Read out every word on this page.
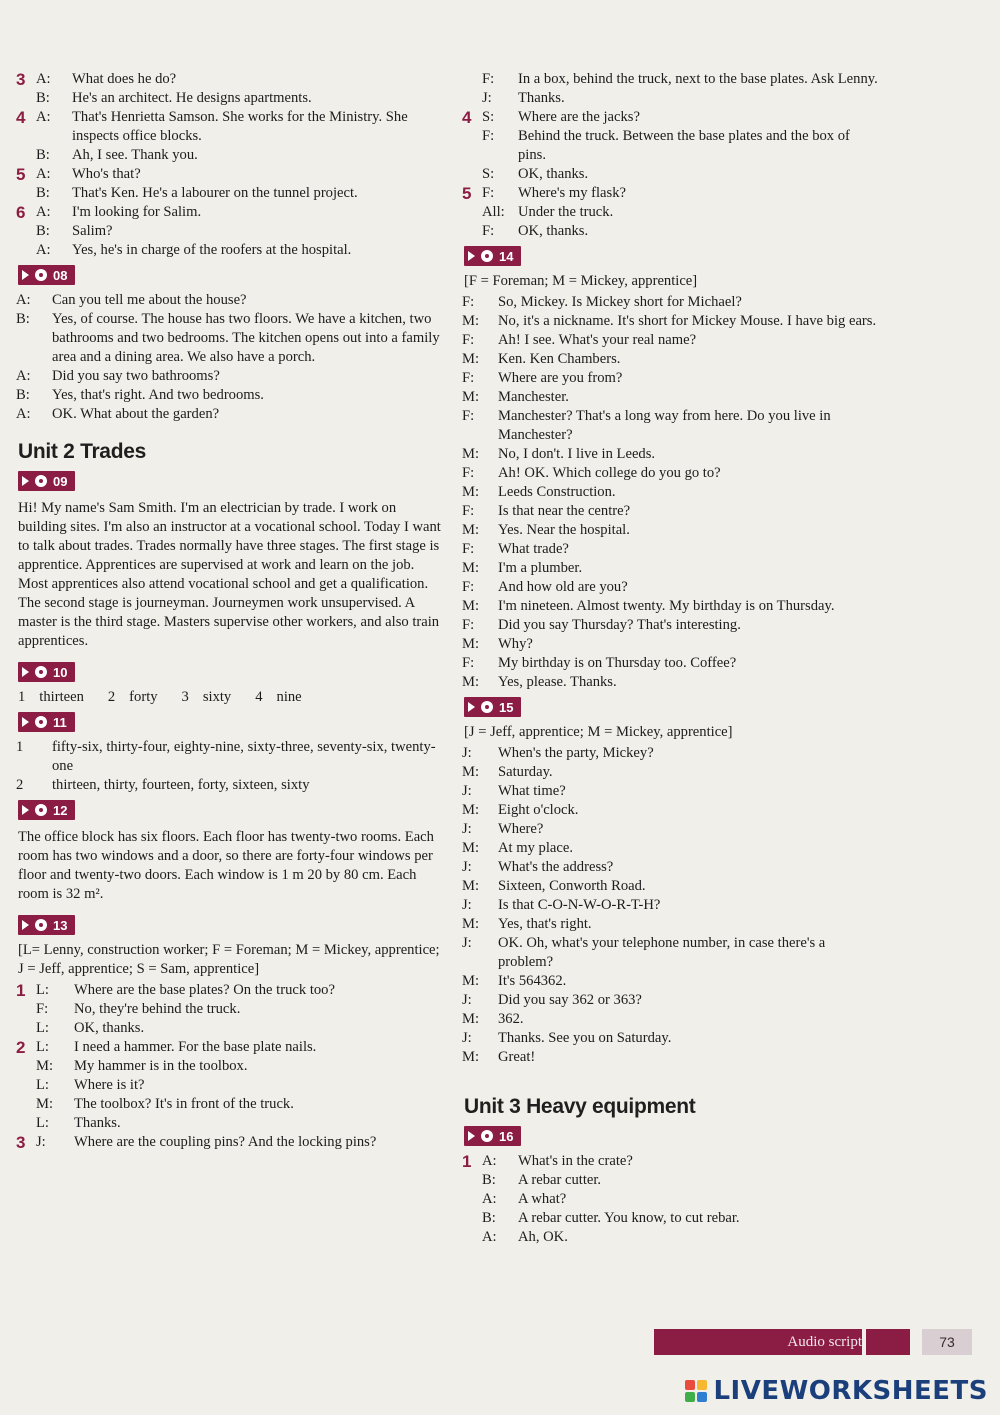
3 A:	What does he do?
B:	He's an architect. He designs apartments.
4 A:	That's Henrietta Samson. She works for the Ministry. She inspects office blocks.
B:	Ah, I see. Thank you.
5 A:	Who's that?
B:	That's Ken. He's a labourer on the tunnel project.
6 A:	I'm looking for Salim.
B:	Salim?
A:	Yes, he's in charge of the roofers at the hospital.
08
A:	Can you tell me about the house?
B:	Yes, of course. The house has two floors. We have a kitchen, two bathrooms and two bedrooms. The kitchen opens out into a family area and a dining area. We also have a porch.
A:	Did you say two bathrooms?
B:	Yes, that's right. And two bedrooms.
A:	OK. What about the garden?
Unit 2 Trades
09
Hi! My name's Sam Smith. I'm an electrician by trade. I work on building sites. I'm also an instructor at a vocational school. Today I want to talk about trades. Trades normally have three stages. The first stage is apprentice. Apprentices are supervised at work and learn on the job. Most apprentices also attend vocational school and get a qualification. The second stage is journeyman. Journeymen work unsupervised. A master is the third stage. Masters supervise other workers, and also train apprentices.
10
1 thirteen 2 forty 3 sixty 4 nine
11
1	fifty-six, thirty-four, eighty-nine, sixty-three, seventy-six, twenty-one
2	thirteen, thirty, fourteen, forty, sixteen, sixty
12
The office block has six floors. Each floor has twenty-two rooms. Each room has two windows and a door, so there are forty-four windows per floor and twenty-two doors. Each window is 1 m 20 by 80 cm. Each room is 32 m².
13
[L= Lenny, construction worker; F = Foreman; M = Mickey, apprentice; J = Jeff, apprentice; S = Sam, apprentice]
1 L:	Where are the base plates? On the truck too?
F:	No, they're behind the truck.
L:	OK, thanks.
2 L:	I need a hammer. For the base plate nails.
M:	My hammer is in the toolbox.
L:	Where is it?
M:	The toolbox? It's in front of the truck.
L:	Thanks.
3 J:	Where are the coupling pins? And the locking pins?
F:	In a box, behind the truck, next to the base plates. Ask Lenny.
J:	Thanks.
4 S:	Where are the jacks?
F:	Behind the truck. Between the base plates and the box of pins.
S:	OK, thanks.
5 F:	Where's my flask?
All: Under the truck.
F:	OK, thanks.
14
[F = Foreman; M = Mickey, apprentice]
F:	So, Mickey. Is Mickey short for Michael?
M:	No, it's a nickname. It's short for Mickey Mouse. I have big ears.
F:	Ah! I see. What's your real name?
M:	Ken. Ken Chambers.
F:	Where are you from?
M:	Manchester.
F:	Manchester? That's a long way from here. Do you live in Manchester?
M:	No, I don't. I live in Leeds.
F:	Ah! OK. Which college do you go to?
M:	Leeds Construction.
F:	Is that near the centre?
M:	Yes. Near the hospital.
F:	What trade?
M:	I'm a plumber.
F:	And how old are you?
M:	I'm nineteen. Almost twenty. My birthday is on Thursday.
F:	Did you say Thursday? That's interesting.
M:	Why?
F:	My birthday is on Thursday too. Coffee?
M:	Yes, please. Thanks.
15
[J = Jeff, apprentice; M = Mickey, apprentice]
J:	When's the party, Mickey?
M:	Saturday.
J:	What time?
M:	Eight o'clock.
J:	Where?
M:	At my place.
J:	What's the address?
M:	Sixteen, Conworth Road.
J:	Is that C-O-N-W-O-R-T-H?
M:	Yes, that's right.
J:	OK. Oh, what's your telephone number, in case there's a problem?
M:	It's 564362.
J:	Did you say 362 or 363?
M:	362.
J:	Thanks. See you on Saturday.
M:	Great!
Unit 3 Heavy equipment
16
1 A:	What's in the crate?
B:	A rebar cutter.
A:	A what?
B:	A rebar cutter. You know, to cut rebar.
A:	Ah, OK.
Audio script	73
LIVEWORKSHEETS
